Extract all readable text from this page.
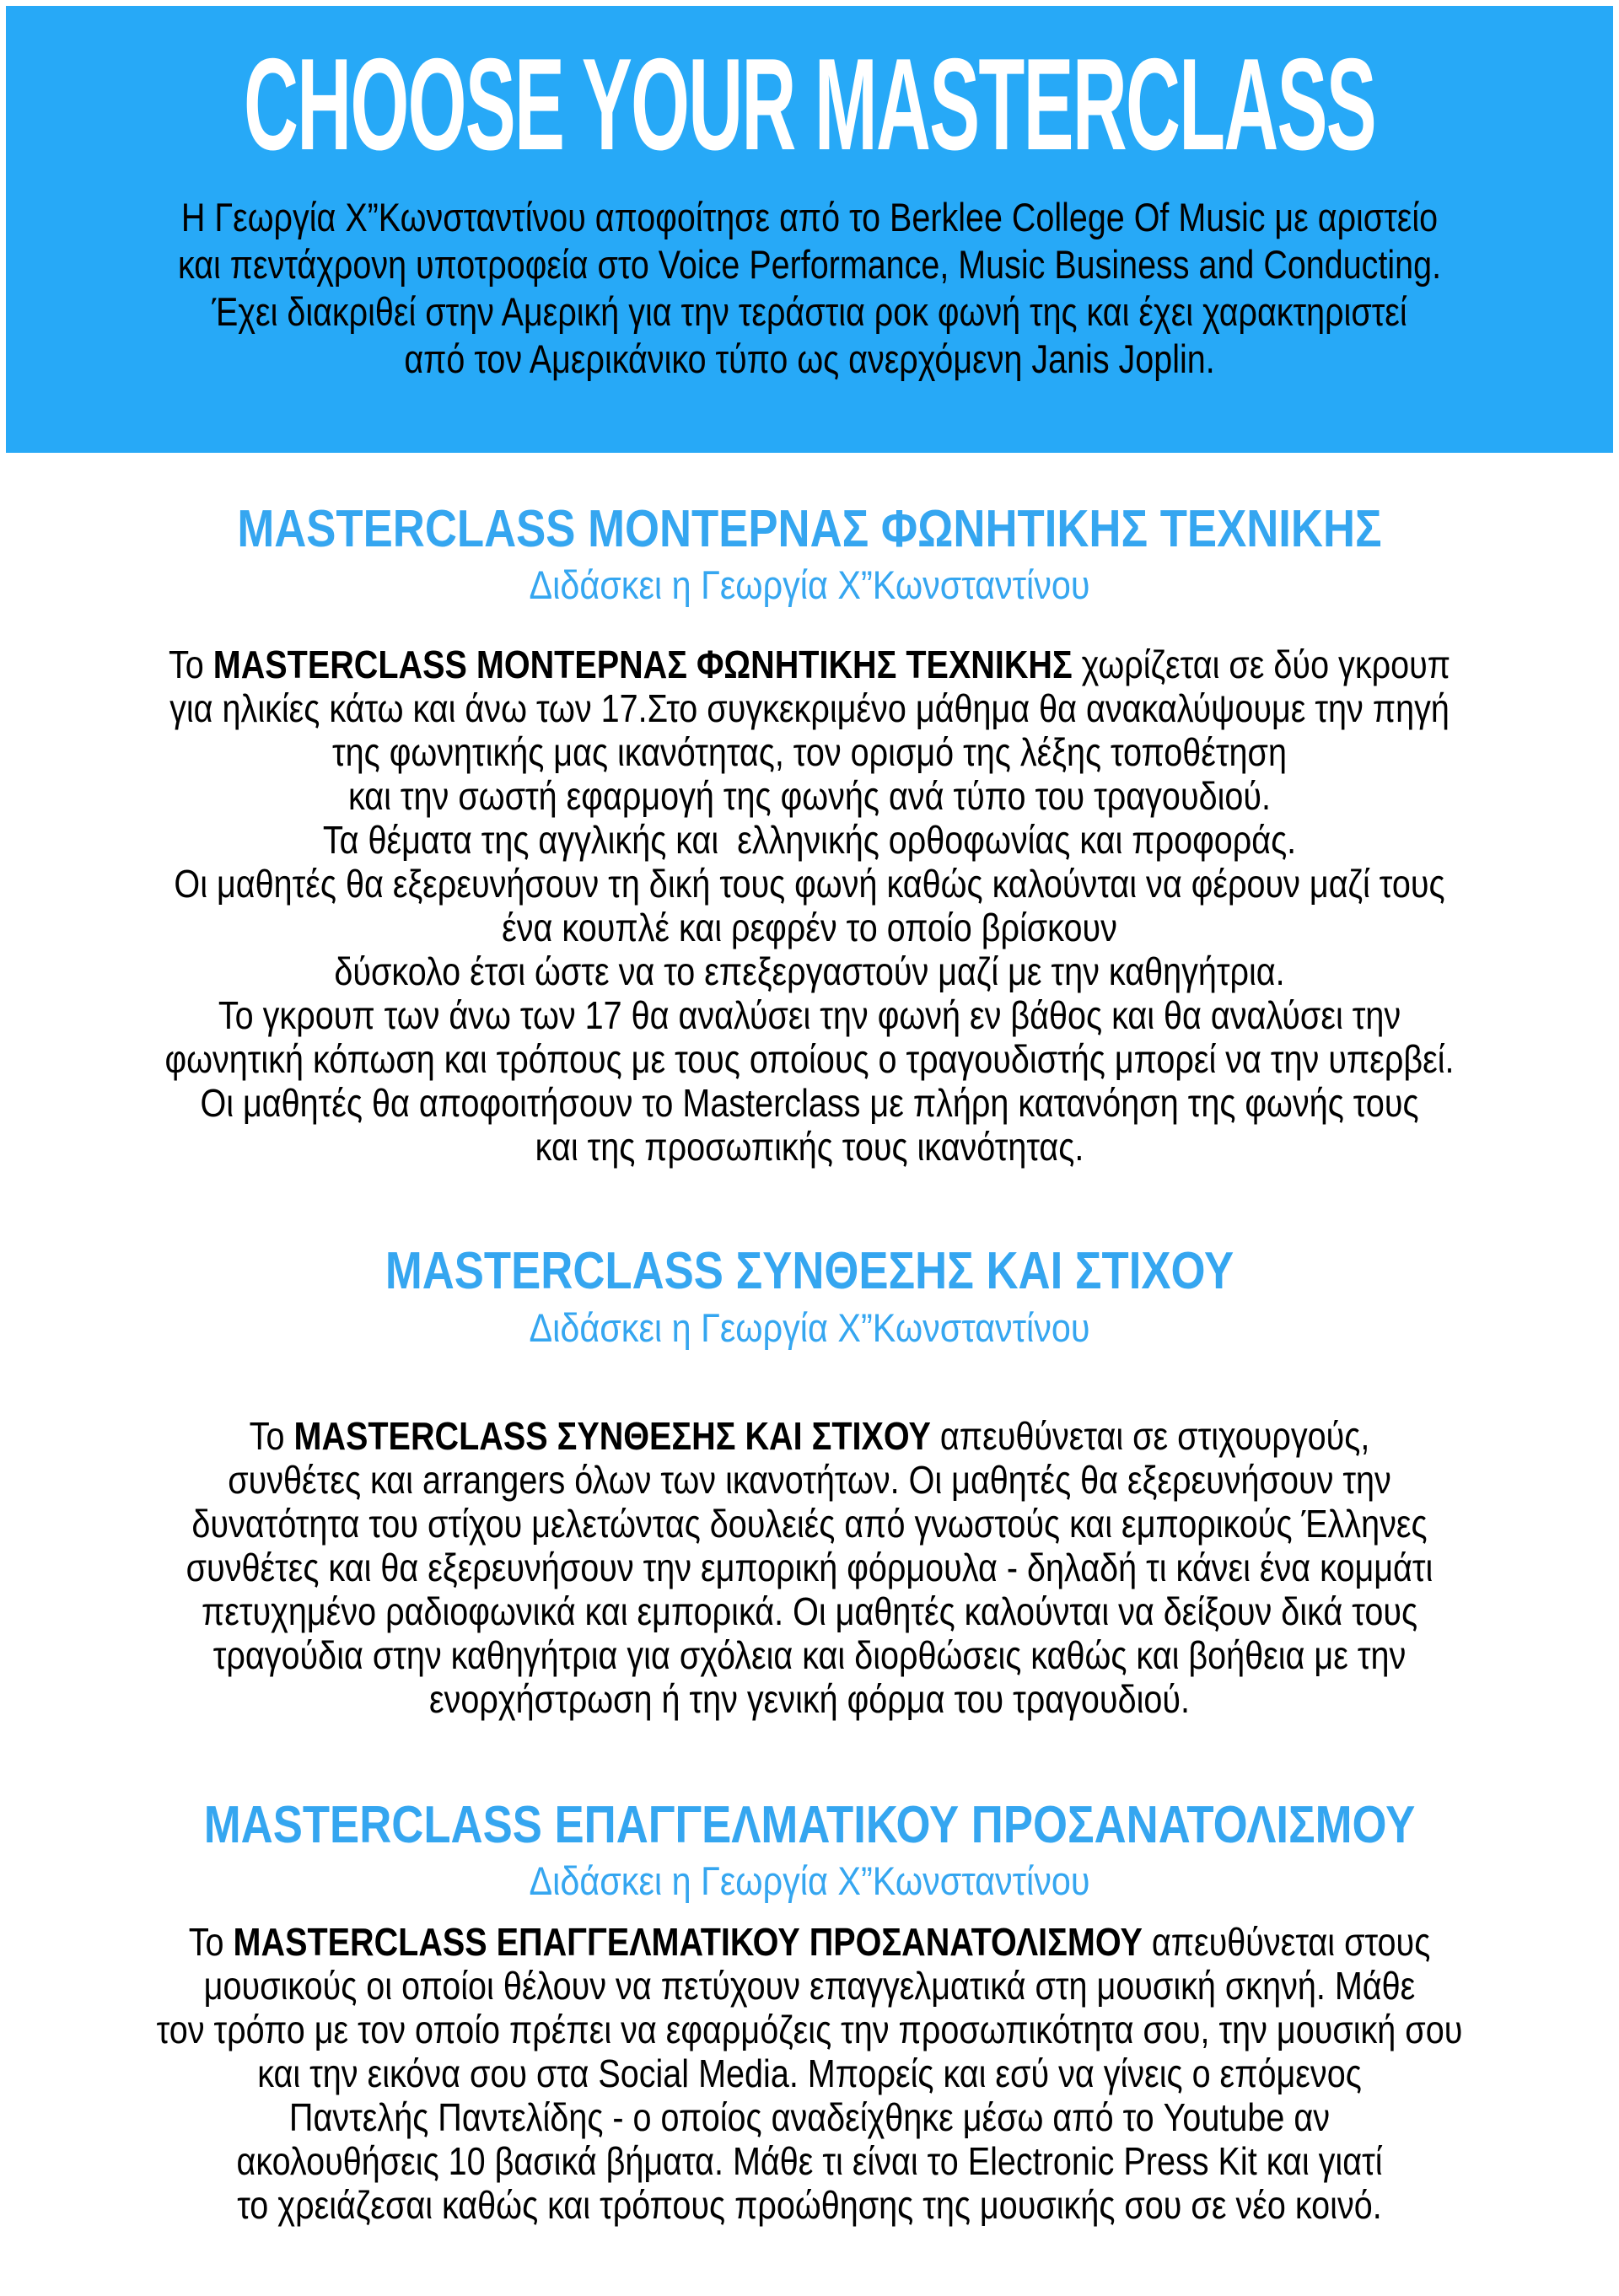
CHOOSE YOUR MASTERCLASS
Η Γεωργία Χ”Κωνσταντίνου αποφοίτησε από το Berklee College Of Music με αριστείο
και πεντάχρονη υποτροφεία στο Voice Performance, Music Business and Conducting.
Έχει διακριθεί στην Αμερική για την τεράστια ροκ φωνή της και έχει χαρακτηριστεί
από τον Αμερικάνικο τύπο ως ανερχόμενη Janis Joplin.
MASTERCLASS ΜΟΝΤΕΡΝΑΣ ΦΩΝΗΤΙΚΗΣ ΤΕΧΝΙΚΗΣ
Διδάσκει η Γεωργία Χ”Κωνσταντίνου
Το MASTERCLASS ΜΟΝΤΕΡΝΑΣ ΦΩΝΗΤΙΚΗΣ ΤΕΧΝΙΚΗΣ χωρίζεται σε δύο γκρουπ
για ηλικίες κάτω και άνω των 17.Στο συγκεκριμένο μάθημα θα ανακαλύψουμε την πηγή
της φωνητικής μας ικανότητας, τον ορισμό της λέξης τοποθέτηση
και την σωστή εφαρμογή της φωνής ανά τύπο του τραγουδιού.
Τα θέματα της αγγλικής και  ελληνικής ορθοφωνίας και προφοράς.
Οι μαθητές θα εξερευνήσουν τη δική τους φωνή καθώς καλούνται να φέρουν μαζί τους
ένα κουπλέ και ρεφρέν το οποίο βρίσκουν
δύσκολο έτσι ώστε να το επεξεργαστούν μαζί με την καθηγήτρια.
Το γκρουπ των άνω των 17 θα αναλύσει την φωνή εν βάθος και θα αναλύσει την
φωνητική κόπωση και τρόπους με τους οποίους ο τραγουδιστής μπορεί να την υπερβεί.
Οι μαθητές θα αποφοιτήσουν το Masterclass με πλήρη κατανόηση της φωνής τους
και της προσωπικής τους ικανότητας.
MASTERCLASS ΣΥΝΘΕΣΗΣ ΚΑΙ ΣΤΙΧΟΥ
Διδάσκει η Γεωργία Χ”Κωνσταντίνου
Το MASTERCLASS ΣΥΝΘΕΣΗΣ ΚΑΙ ΣΤΙΧΟΥ απευθύνεται σε στιχουργούς,
συνθέτες και arrangers όλων των ικανοτήτων. Οι μαθητές θα εξερευνήσουν την
δυνατότητα του στίχου μελετώντας δουλειές από γνωστούς και εμπορικούς Έλληνες
συνθέτες και θα εξερευνήσουν την εμπορική φόρμουλα - δηλαδή τι κάνει ένα κομμάτι
πετυχημένο ραδιοφωνικά και εμπορικά. Οι μαθητές καλούνται να δείξουν δικά τους
τραγούδια στην καθηγήτρια για σχόλεια και διορθώσεις καθώς και βοήθεια με την
ενορχήστρωση ή την γενική φόρμα του τραγουδιού.
MASTERCLASS ΕΠΑΓΓΕΛΜΑΤΙΚΟΥ ΠΡΟΣΑΝΑΤΟΛΙΣΜΟΥ
Διδάσκει η Γεωργία Χ”Κωνσταντίνου
Το MASTERCLASS ΕΠΑΓΓΕΛΜΑΤΙΚΟΥ ΠΡΟΣΑΝΑΤΟΛΙΣΜΟΥ απευθύνεται στους
μουσικούς οι οποίοι θέλουν να πετύχουν επαγγελματικά στη μουσική σκηνή. Μάθε
τον τρόπο με τον οποίο πρέπει να εφαρμόζεις την προσωπικότητα σου, την μουσική σου
και την εικόνα σου στα Social Media. Μπορείς και εσύ να γίνεις ο επόμενος
Παντελής Παντελίδης - ο οποίος αναδείχθηκε μέσω από το Youtube αν
ακολουθήσεις 10 βασικά βήματα. Μάθε τι είναι το Electronic Press Kit και γιατί
το χρειάζεσαι καθώς και τρόπους προώθησης της μουσικής σου σε νέο κοινό.
